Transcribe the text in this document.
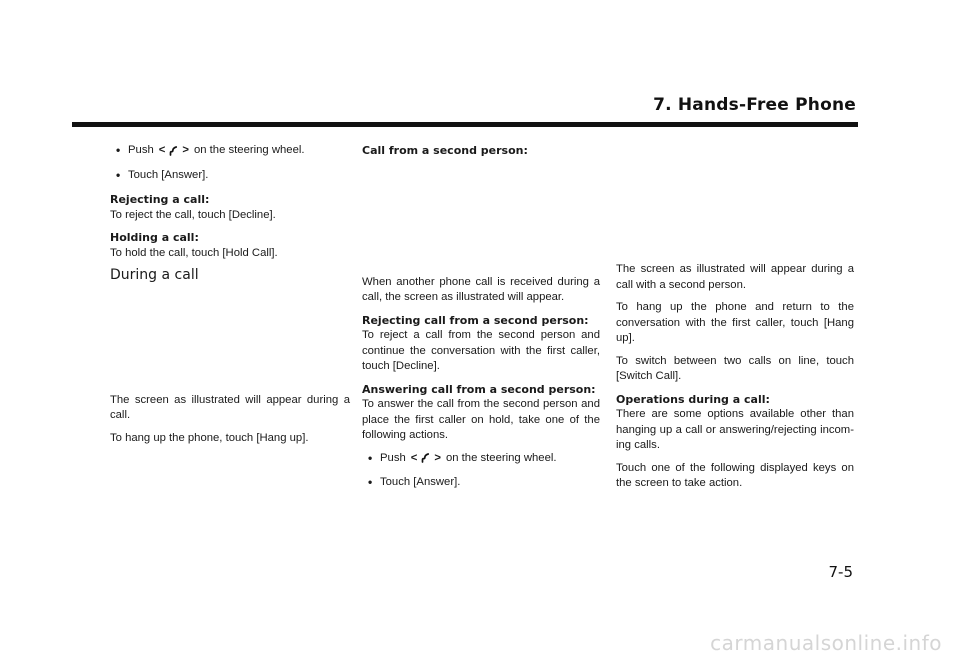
7. Hands-Free Phone
• Push < > on the steering wheel.
• Touch [Answer].

Rejecting a call:

To reject the call, touch [Decline].

Holding a call:

To hold the call, touch [Hold Call].

During a call

The screen as illustrated will appear during a call.

To hang up the phone, touch [Hang up].

Call from a second person:

When another phone call is received during a call, the screen as illustrated will appear.

Rejecting call from a second person:

To reject a call from the second person and continue the conversation with the first caller, touch [Decline].

Answering call from a second person:

To answer the call from the second person and place the first caller on hold, take one of the following actions.

• Push < > on the steering wheel.
• Touch [Answer].

The screen as illustrated will appear during a call with a second person.

To hang up the phone and return to the conversation with the first caller, touch [Hang up].

To switch between two calls on line, touch [Switch Call].

Operations during a call:

There are some options available other than hanging up a call or answering/rejecting incom-ing calls.

Touch one of the following displayed keys on the screen to take action.

7-5
carmanualsonline.info
